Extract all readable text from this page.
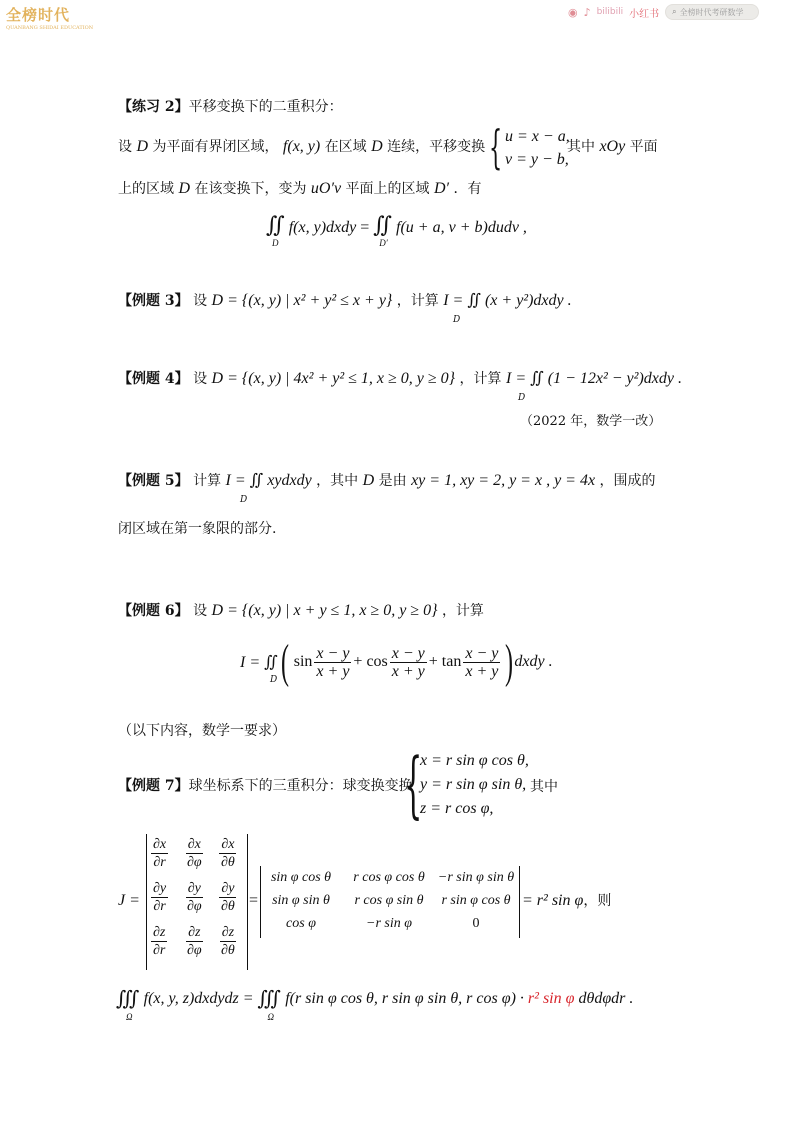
全榜时代
QUANBANG SHIDAI EDUCATION
◉ ♪ bilibili 小红书 ⌕ 全榜时代考研数学
【练习 2】平移变换下的二重积分：
设 D 为平面有界闭区域， f(x, y) 在区域 D 连续，平移变换 { u = x − a,
v = y − b,
其中 xOy 平面
上的区域 D 在该变换下，变为 uO′v 平面上的区域 D′ ．有
∬
D
f(x, y)dxdy = ∬
D′
f(u + a, v + b)dudv ,
【例题 3】 设 D = {(x, y) | x² + y² ≤ x + y} ，计算 I = ∬ (x + y²)dxdy .
D
【例题 4】 设 D = {(x, y) | 4x² + y² ≤ 1, x ≥ 0, y ≥ 0} ，计算 I = ∬ (1 − 12x² − y²)dxdy .
D
（2022 年，数学一改）
【例题 5】 计算 I = ∬ xydxdy ，其中 D 是由 xy = 1, xy = 2, y = x , y = 4x ，围成的
D
闭区域在第一象限的部分.
【例题 6】 设 D = {(x, y) | x + y ≤ 1, x ≥ 0, y ≥ 0} ，计算
I = ∬ ( $\sin \frac{x - y}{x + y} + \cos \frac{x - y}{x + y} + \tan \frac{x - y}{x + y}$ ) dxdy .
D
（以下内容，数学一要求）
【例题 7】球坐标系下的三重积分：球变换变换
{
x = r sin φ cos θ,
y = r sin φ sin θ,
z = r cos φ,
其中
J =
$\frac{\partial x}{\partial r} \frac{\partial x}{\partial\varphi} \frac{\partial x}{\partial\theta}$
$\frac{\partial y}{\partial r} \frac{\partial y}{\partial\varphi} \frac{\partial y}{\partial\theta}$
$\frac{\partial z}{\partial r} \frac{\partial z}{\partial\varphi} \frac{\partial z}{\partial\theta}$
=
sin φ cos θ	r cos φ cos θ −r sin φ sin θ
sin φ sin θ	r cos φ sin θ	r sin φ cos θ
cos φ	−r sin φ	0
= r² sin φ，则
∭
Ω
f(x, y, z)dxdydz = ∭
Ω
f(r sin φ cos θ, r sin φ sin θ, r cos φ) · r² sin φ dθdφdr .
